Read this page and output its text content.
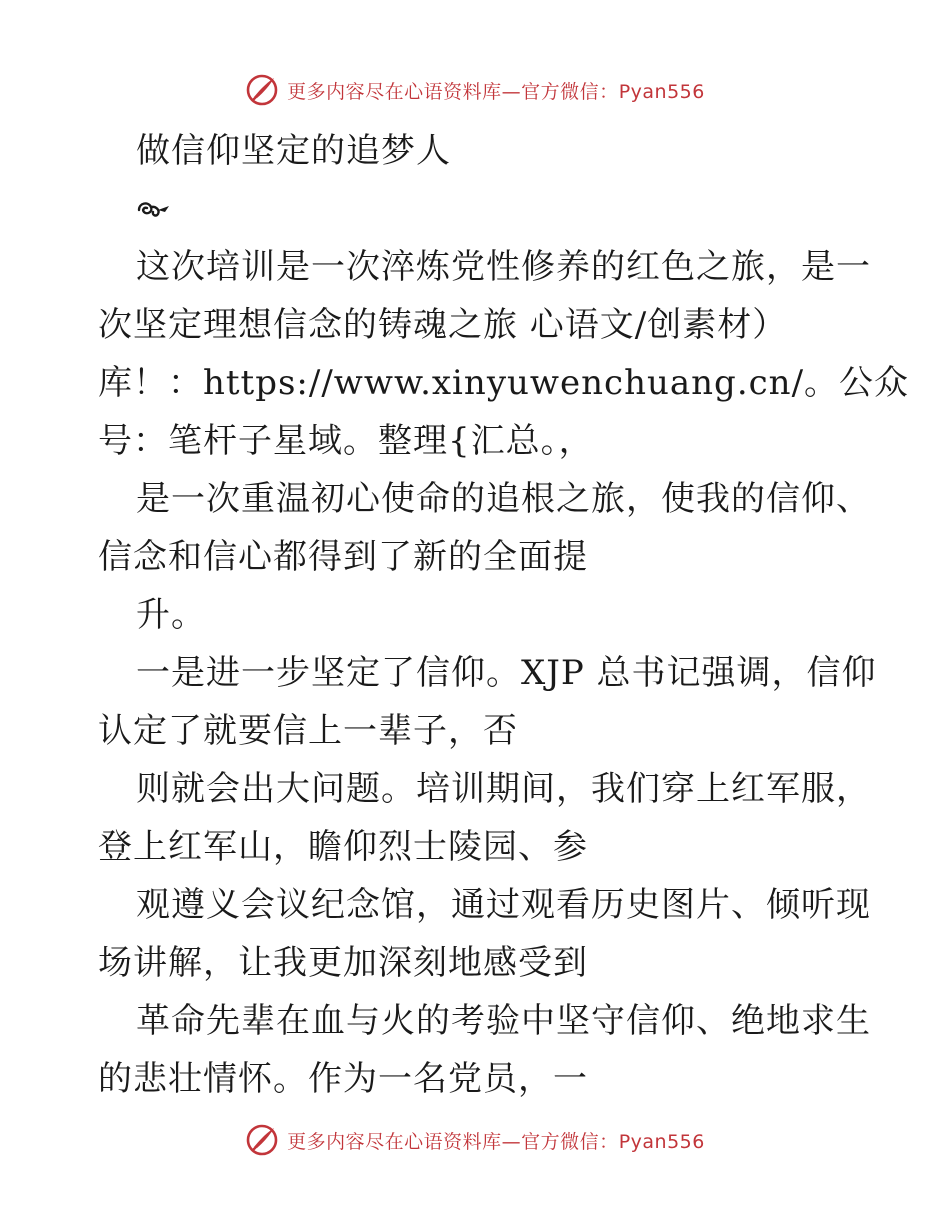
更多内容尽在心语资料库—官方微信：Pyan556
做信仰坚定的追梦人
这次培训是一次淬炼党性修养的红色之旅，是一
次坚定理想信念的铸魂之旅 心语文/创素材）
库！：https://www.xinyuwenchuang.cn/。公众
号：笔杆子星域。整理{汇总。，
是一次重温初心使命的追根之旅，使我的信仰、
信念和信心都得到了新的全面提
升。
一是进一步坚定了信仰。XJP 总书记强调，信仰
认定了就要信上一辈子，否
则就会出大问题。培训期间，我们穿上红军服，
登上红军山，瞻仰烈士陵园、参
观遵义会议纪念馆，通过观看历史图片、倾听现
场讲解，让我更加深刻地感受到
革命先辈在血与火的考验中坚守信仰、绝地求生
的悲壮情怀。作为一名党员，一
更多内容尽在心语资料库—官方微信：Pyan556
